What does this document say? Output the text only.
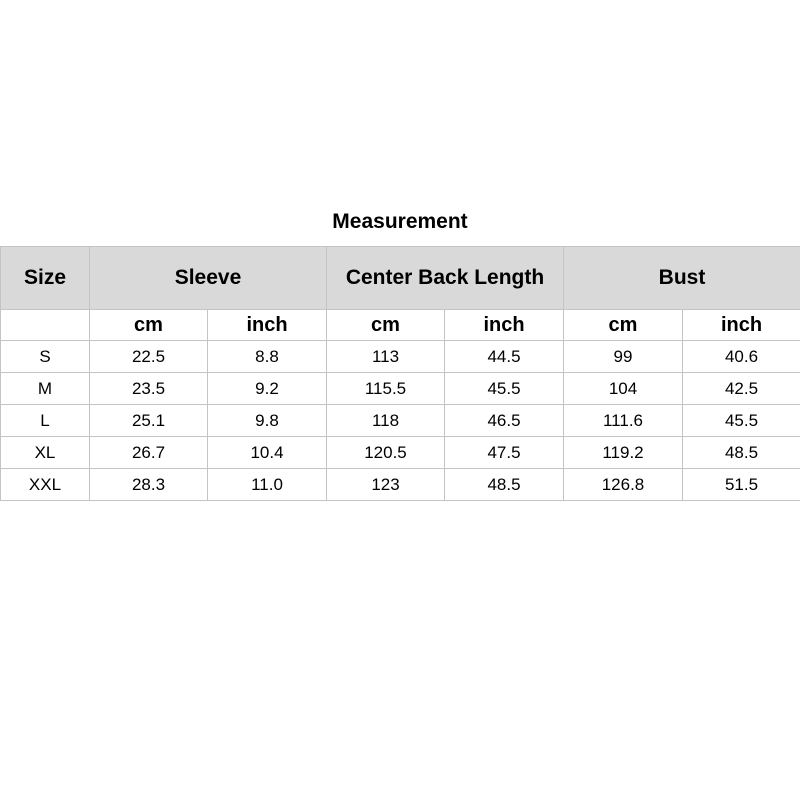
Measurement
Size	Sleeve		Center Back Length		Bust	
	cm	inch	cm	inch	cm	inch
S	22.5	8.8	113	44.5	99	40.6
M	23.5	9.2	115.5	45.5	104	42.5
L	25.1	9.8	118	46.5	111.6	45.5
XL	26.7	10.4	120.5	47.5	119.2	48.5
XXL	28.3	11.0	123	48.5	126.8	51.5
